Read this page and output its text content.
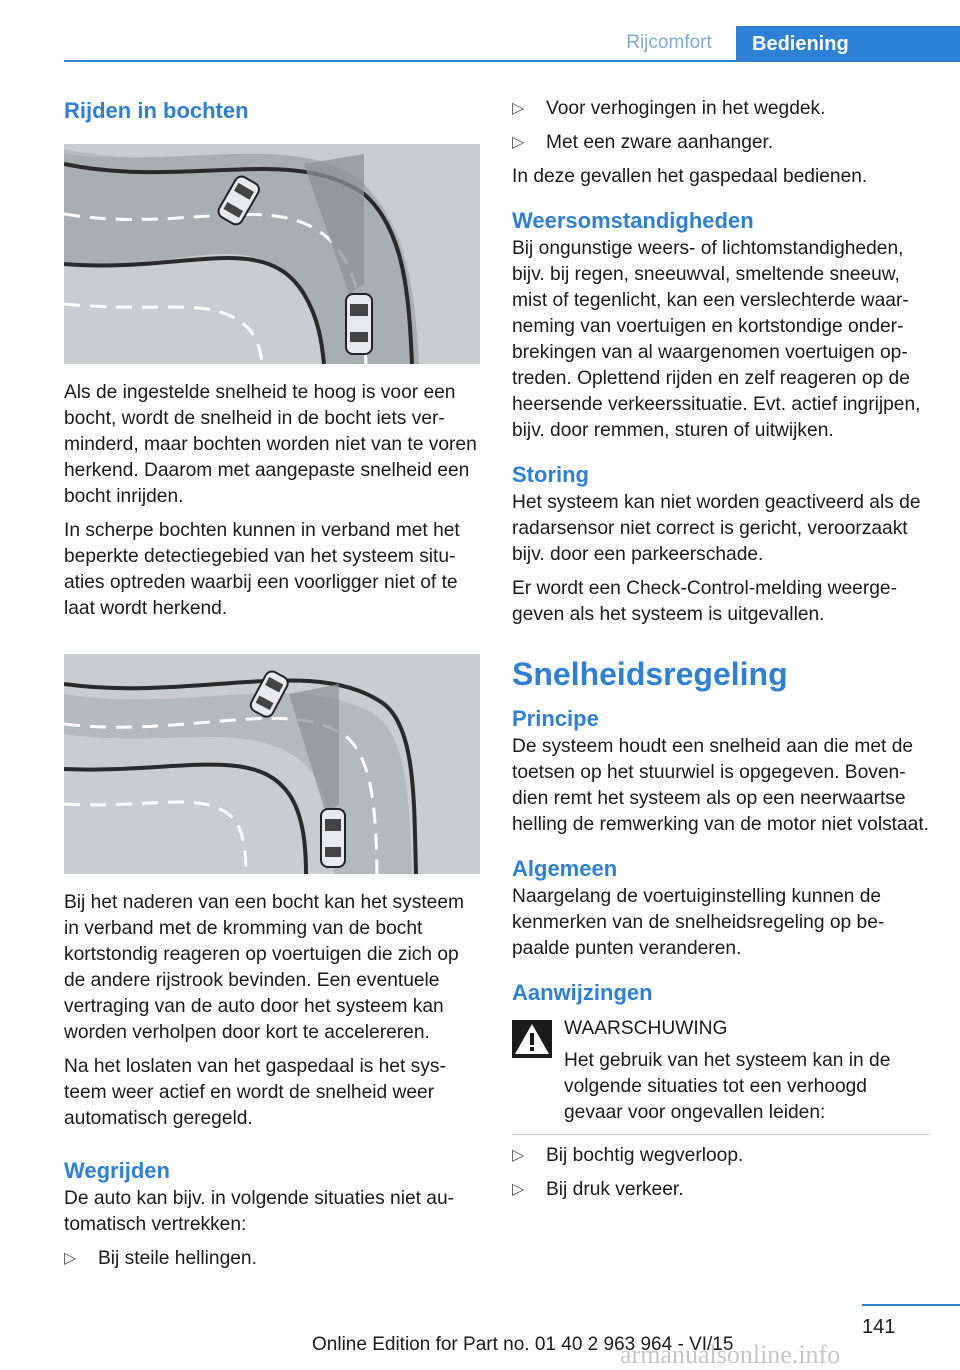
Rijcomfort	Bediening
Rijden in bochten

Als de ingestelde snelheid te hoog is voor een bocht, wordt de snelheid in de bocht iets verminderd, maar bochten worden niet van te voren herkend. Daarom met aangepaste snelheid een bocht inrijden.

In scherpe bochten kunnen in verband met het beperkte detectiegebied van het systeem situaties optreden waarbij een voorligger niet of te laat wordt herkend.

Bij het naderen van een bocht kan het systeem in verband met de kromming van de bocht kortstondig reageren op voertuigen die zich op de andere rijstrook bevinden. Een eventuele vertraging van de auto door het systeem kan worden verholpen door kort te accelereren.

Na het loslaten van het gaspedaal is het systeem weer actief en wordt de snelheid weer automatisch geregeld.

Wegrijden

De auto kan bijv. in volgende situaties niet automatisch vertrekken:

▷	Bij steile hellingen.
▷	Voor verhogingen in het wegdek.
▷	Met een zware aanhanger.

In deze gevallen het gaspedaal bedienen.

Weersomstandigheden

Bij ongunstige weers- of lichtomstandigheden, bijv. bij regen, sneeuwval, smeltende sneeuw, mist of tegenlicht, kan een verslechterde waarneming van voertuigen en kortstondige onderbrekingen van al waargenomen voertuigen optreden. Oplettend rijden en zelf reageren op de heersende verkeerssituatie. Evt. actief ingrijpen, bijv. door remmen, sturen of uitwijken.

Storing

Het systeem kan niet worden geactiveerd als de radarsensor niet correct is gericht, veroorzaakt bijv. door een parkeerschade.

Er wordt een Check-Control-melding weergegeven als het systeem is uitgevallen.

Snelheidsregeling
Principe

De systeem houdt een snelheid aan die met de toetsen op het stuurwiel is opgegeven. Bovendien remt het systeem als op een neerwaartse helling de remwerking van de motor niet volstaat.

Algemeen

Naargelang de voertuiginstelling kunnen de kenmerken van de snelheidsregeling op bepaalde punten veranderen.

Aanwijzingen

WAARSCHUWING

Het gebruik van het systeem kan in de volgende situaties tot een verhoogd gevaar voor ongevallen leiden:

▷	Bij bochtig wegverloop.
▷	Bij druk verkeer.
141
Online Edition for Part no. 01 40 2 963 964 - VI/15
armanualsonline.info
